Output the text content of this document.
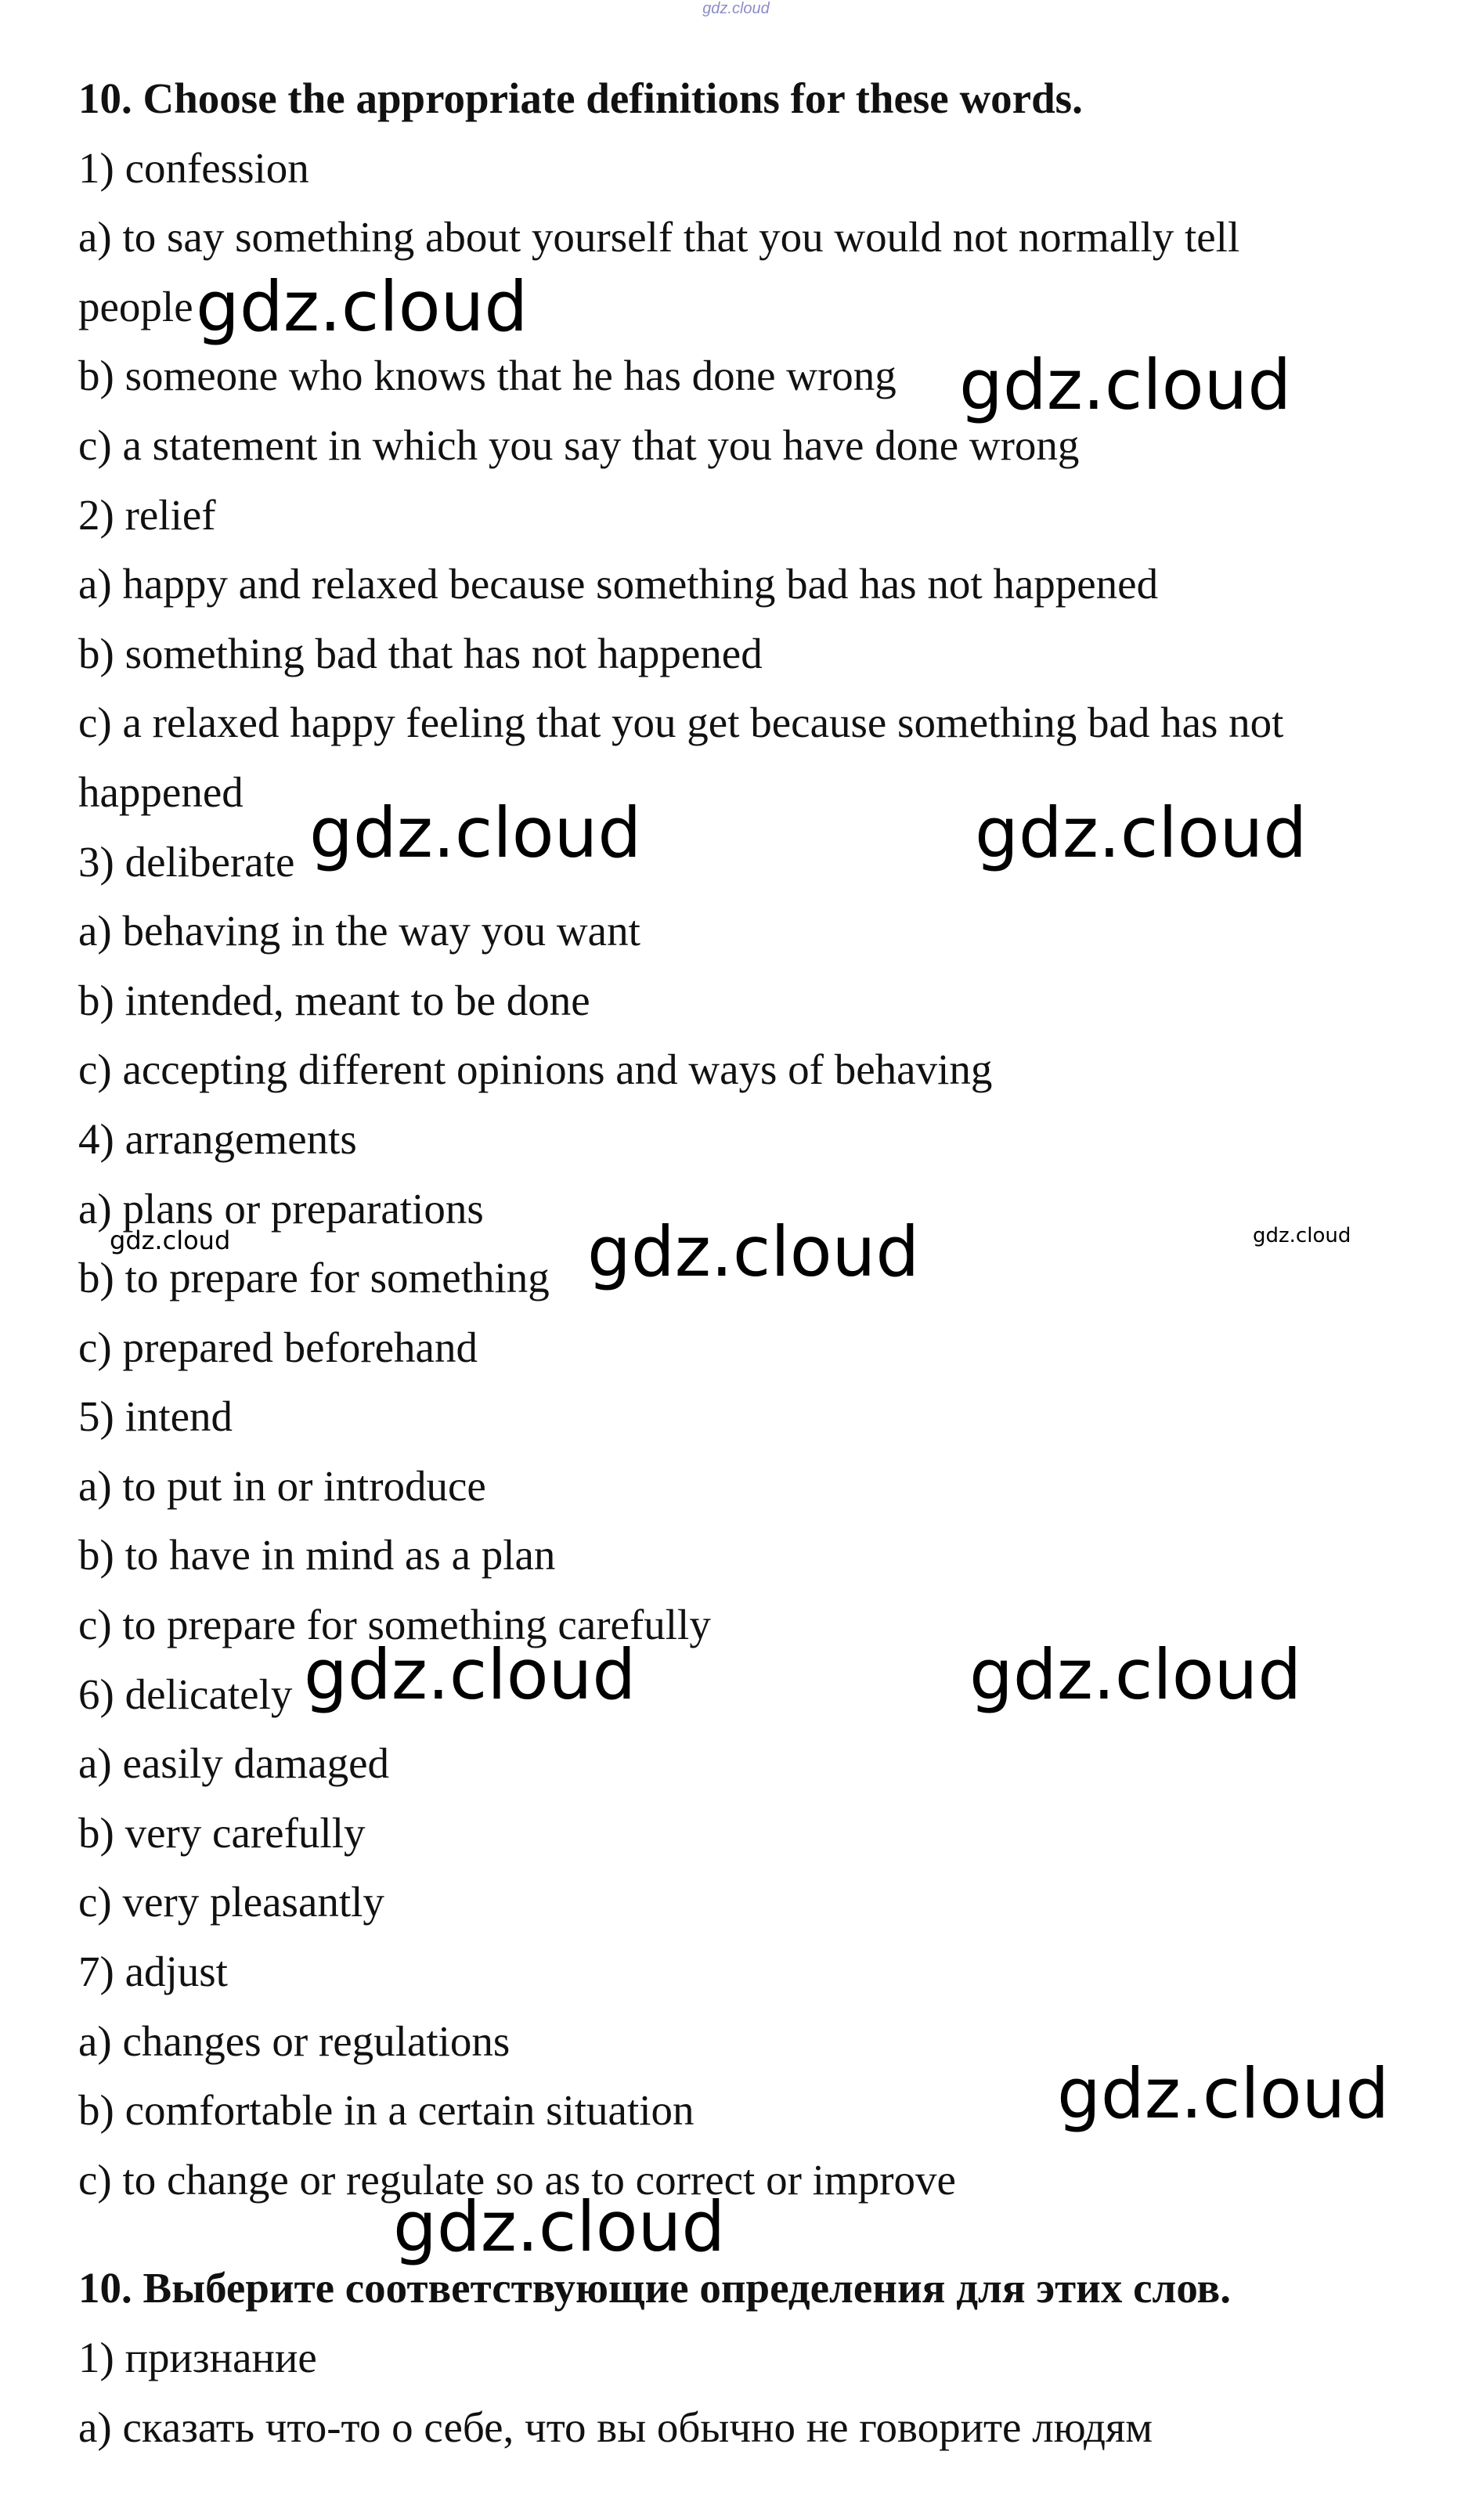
gdz.cloud
10. Choose the appropriate definitions for these words.
1) confession
a) to say something about yourself that you would not normally tell
people
b) someone who knows that he has done wrong
c) a statement in which you say that you have done wrong
2) relief
a) happy and relaxed because something bad has not happened
b) something bad that has not happened
c) a relaxed happy feeling that you get because something bad has not
happened
3) deliberate
a) behaving in the way you want
b) intended, meant to be done
c) accepting different opinions and ways of behaving
4) arrangements
a) plans or preparations
b) to prepare for something
c) prepared beforehand
5) intend
a) to put in or introduce
b) to have in mind as a plan
c) to prepare for something carefully
6) delicately
a) easily damaged
b) very carefully
c) very pleasantly
7) adjust
a) changes or regulations
b) comfortable in a certain situation
c) to change or regulate so as to correct or improve
10. Выберите соответствующие определения для этих слов.
1) признание
а) сказать что-то о себе, что вы обычно не говорите людям
gdz.cloud
gdz.cloud
gdz.cloud	gdz.cloud
gdz.cloud	gdz.cloud	gdz.cloud
gdz.cloud	gdz.cloud
gdz.cloud
gdz.cloud
